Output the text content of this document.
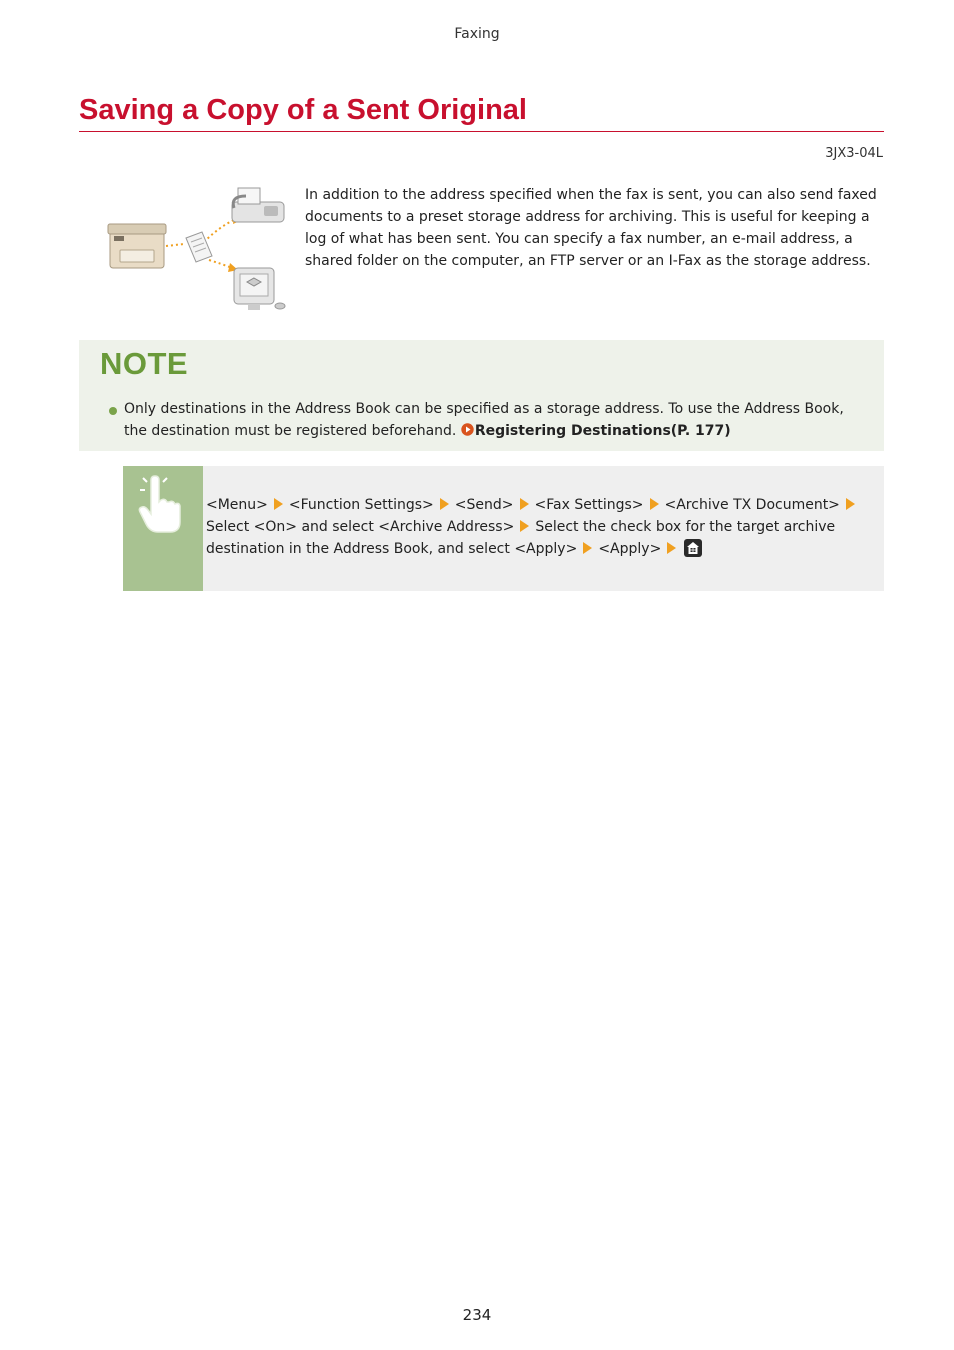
Faxing
Saving a Copy of a Sent Original
3JX3-04L

In addition to the address specified when the fax is sent, you can also send faxed documents to a preset storage address for archiving. This is useful for keeping a log of what has been sent. You can specify a fax number, an e-mail address, a shared folder on the computer, an FTP server or an I-Fax as the storage address.

NOTE

Only destinations in the Address Book can be specified as a storage address. To use the Address Book, the destination must be registered beforehand. Registering Destinations(P. 177)

<Menu> <Function Settings> <Send> <Fax Settings> <Archive TX Document>Select <On> and select <Archive Address> Select the check box for the target archive destination in the Address Book, and select <Apply> <Apply>

234
